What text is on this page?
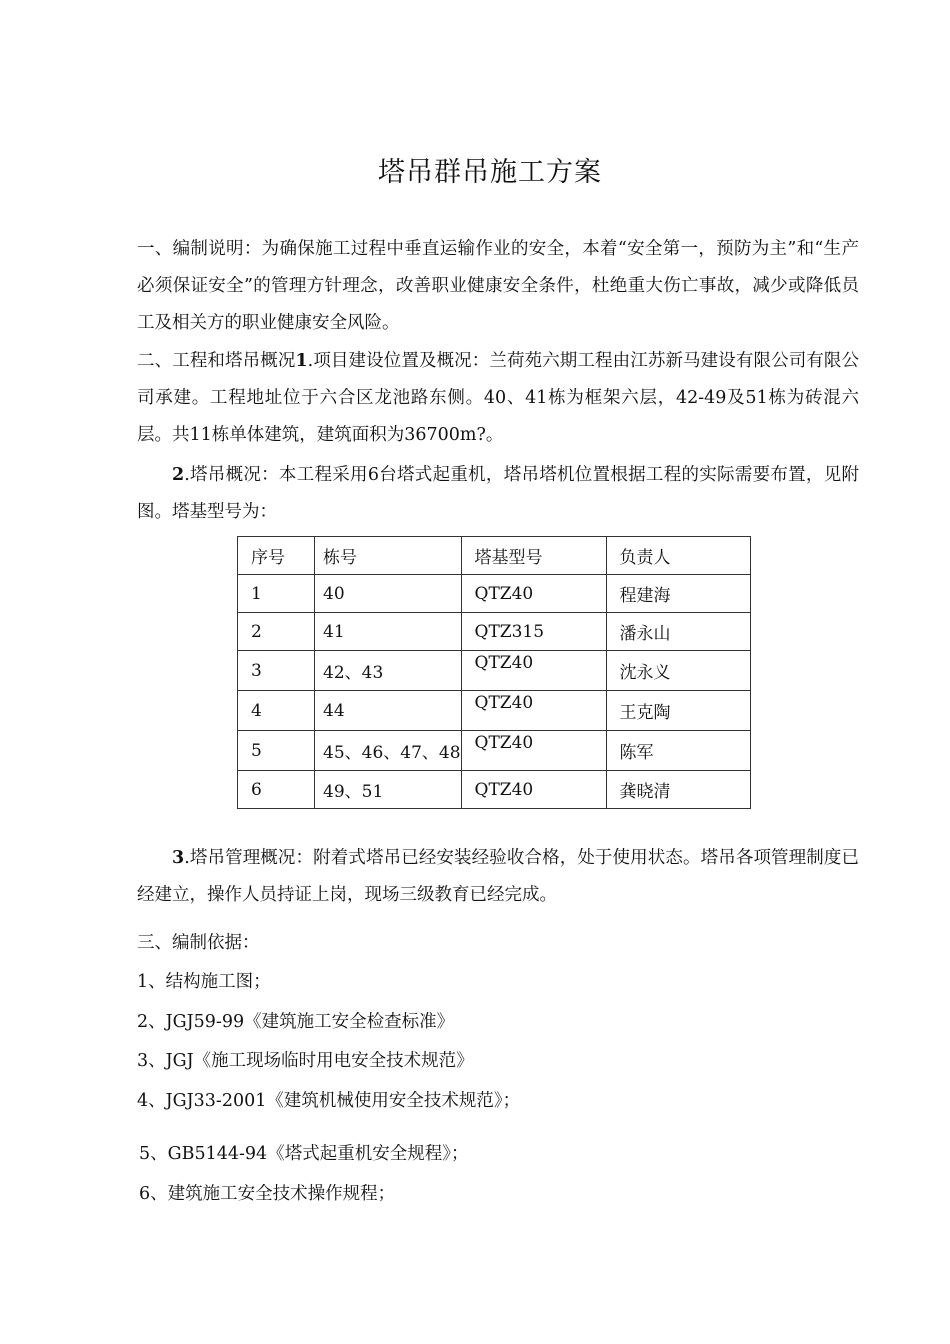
塔吊群吊施工方案
一、编制说明：为确保施工过程中垂直运输作业的安全，本着“安全第一，预防为主”和“生产必须保证安全”的管理方针理念，改善职业健康安全条件，杜绝重大伤亡事故，减少或降低员工及相关方的职业健康安全风险。
二、工程和塔吊概况1.项目建设位置及概况：兰荷苑六期工程由江苏新马建设有限公司有限公司承建。工程地址位于六合区龙池路东侧。40、41栋为框架六层，42-49及51栋为砖混六层。共11栋单体建筑，建筑面积为36700m?。
2.塔吊概况：本工程采用6台塔式起重机，塔吊塔机位置根据工程的实际需要布置，见附图。塔基型号为：
序号	栋号	塔基型号	负责人
1	40	QTZ40	程建海
2	41	QTZ315	潘永山
3	42、43	QTZ40	沈永义
4	44	QTZ40	王克陶
5	45、46、47、48	QTZ40	陈军
6	49、51	QTZ40	龚晓清
3.塔吊管理概况：附着式塔吊已经安装经验收合格，处于使用状态。塔吊各项管理制度已经建立，操作人员持证上岗，现场三级教育已经完成。
三、编制依据：
1、结构施工图；
2、JGJ59-99《建筑施工安全检查标准》
3、JGJ《施工现场临时用电安全技术规范》
4、JGJ33-2001《建筑机械使用安全技术规范》；
5、GB5144-94《塔式起重机安全规程》；
6、建筑施工安全技术操作规程；
